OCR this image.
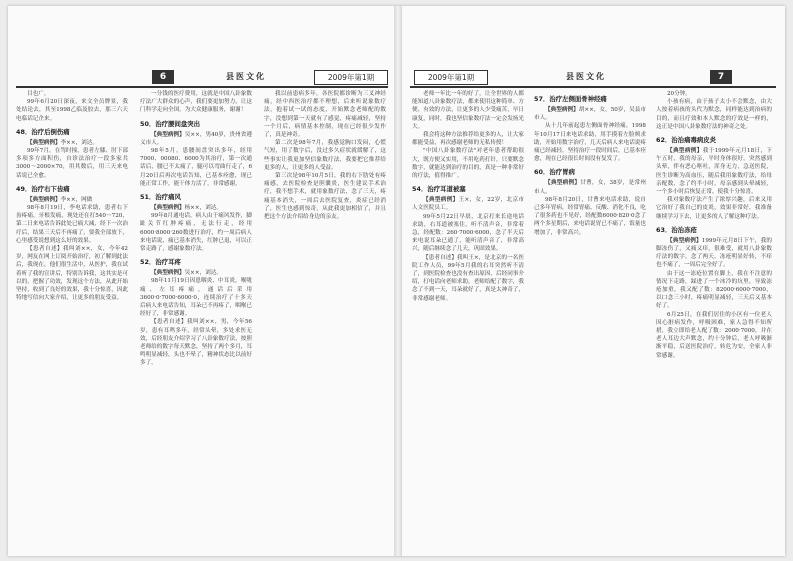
6	县医文化	2009年第1期

目也广。

99年6月20日深夜，来文全员牌景，我处结论去，其至1998乙临及胶去，那三六天电临话记企来。

48．治疗后倒伤痛

【典型病例】李××，刘达。

99年7月，在驾时撞，患者左膝、肘下部多项多方面积伤，自诊法治疗一段多家共3000～2000×70，用其数后，用三天来电话说已全愈。

49．治疗右下齿痛

【典型病例】李××，网做

98年8月19日，李电话求助，患者右下齿疼痛，牙根发痛，现处还在打540～720，第二日来电话告诉此处已痛大减，经下一次治疗后，结果三天后不再痛了，要我全部放下，心里感受说想到这么好的效果。

【患者自述】我叫刘××，女，今年42岁，网友在网上订阅开始治疗，初了解到此法后，我现在，他们很生活中，从医护，我在试着听了我的宣讲后，特别告诉我，这其实是可以的，把握了功效，发现这个方法，从此开始坚持，收到了良好的效果，我十分惊喜，因此特地写信向大家介绍，让更多的朋友受益。

一分钱的医疗费用，这就是中国八卦象数疗法广大群众的心声，我们要更加努力，让这门科学走向全国，为大众健康服务，谢谢！

50．治疗腰间盘突出

【典型病例】吴××，男40岁，贵州省遵义市人。

98年5月，患腰间盘突出多年，经用7000、00080、6000为其治疗，第一次通话后，腰已不太痛了，腿可以弯曲行走了，6月20日后再次电话告知，已基本痊愈，现已能正常工作，能干体力活了，非常感谢。

51．治疗痛风

【典型病例】杨××，刘达。

99年8月通电话，病人由于痛风发作，脚趾关节红肿疼痛，无法行走，经用6000·8000·260数进行治疗，约一周后病人来电话说，痛已基本消失，红肿已退，可以正常走路了，感谢象数疗法。

52．治疗耳疼

【典型病例】吴××，刘达。

98年11月19日因患咽炎、中耳炎，喉咙痛、左耳疼痛，通话后采用3600·0·7000·6000·0，连续治疗了十多天后病人来电话告知，耳朵已不再疼了，咽喉已经好了，非常感谢。

【患者自述】我叫刘××，男，今年56岁，患有耳鸣多年，经常头晕，多处求医无效，后经朋友介绍学习了八卦象数疗法，按照老师给的数字每天默念，坚持了两个多月，耳鸣明显减轻，头也不晕了，精神状态比以前好多了。

我以前患病多年，各医院都诊断为三叉神经痛，经中西医治疗都不理想，后来听说象数疗法，抱着试一试的态度，开始默念老师配的数字，没想到第一天就有了感觉，疼痛减轻，坚持一个月后，病情基本控制，现在已经很少发作了，真是神奇。

第二次是98年7月，我感觉胸口发闷，心慌气短，用了数字后，没过多久症状就缓解了，这些事实让我更加坚信象数疗法，我要把它推荐给更多的人，让更多的人受益。

第三次是98年10月5日，我的右下肋处有疼痛感，去医院检查是胆囊炎，医生建议手术治疗，我不想手术，就用象数疗法，念了三天，疼痛基本消失，一周后去医院复查，炎症已经消了，医生也感到惊奇，从此我更加相信了，并且把这个方法介绍给身边的亲友。

2009年第1期	县医文化	7

老师一年比一年的好了，让全世界的人都能知道八卦象数疗法，都来使用这种简单、方便、有效的方法，让更多的人少受痛苦，早日康复，同时，我也坚信象数疗法一定会发扬光大。

我会将这种方法推荐给更多的人，让大家都能受益，再次感谢老师的无私传授！

"中国八卦象数疗法"对老年患者帮助很大，既方便又实用，不用吃药打针，只要默念数字，就能达到治疗的目的，真是一种非常好的疗法，值得推广。

54．治疗耳道被塞

【典型病例】王×，女，22岁，北京市人文医院员工。

99年5月22日早晨，北京打来长途电话求助，右耳道被塞住，听不清声音，非常着急，经配数：260·7000·6000，念了半天后来电说耳朵已通了，能听清声音了，非常高兴，随后继续念了几天，巩固效果。

【患者自述】我叫王×，是北京的一名医院工作人员，99年5月我的右耳突然听不清了，到医院检查也没有查出原因，后经同事介绍，打电话向老师求助，老师给配了数字，我念了不到一天，耳朵就好了，真是太神奇了，非常感谢老师。

57．治疗左侧面骨神经痛

【典型病例】胡××，女，50岁，吴县市市人。

从十几年前起患左侧面骨神经痛，1998年10月17日来电话求助，用手摸着左脸颊求助，开始用数字治疗，几天后病人来电话说疼痛已经减轻，坚持治疗一段时间后，已基本痊愈，现在已经很长时间没有复发了。

60．治疗胃病

【典型病例】甘曹，女，38岁，是常州市人。

98年8月20日，甘曹来电话求助，说自己多年胃病，经常胃痛、反酸、消化不良，吃了很多药也不见好，经配数6000·820·0念了两个多星期后，来电话说胃已不痛了，饭量也增加了，非常高兴。

20分钟。

小孩有病，由于孩子太小不会默念，由大人按着病孩的头代为默念，同样能达到治病的目的，而且疗效和本人默念的疗效是一样的，这正是中国八卦象数疗法的神奇之处。

62．治治痛毒病皮炎

【典型病例】我于1999年元月18日，下午五时，我的母亲，平时身体很好，突然感到头晕，伴有恶心呕吐，浑身无力，急送医院，医生诊断为高血压，随后我用象数疗法，给母亲配数，念了约半小时，母亲感到头晕减轻，一个多小时后恢复正常，使我十分惊喜。

我对象数疗法产生了浓厚兴趣，后来又用它治好了我自己的皮炎，效果非常好，我准备继续学习下去，让更多的人了解这种疗法。

63．治治冻疮

【典型病例】1999年元月8日下午，我的脚冻伤了，又痛又痒，很难受，就用八卦象数疗法的数字，念了两天，冻疮明显好转，不痒也不痛了，一周后完全好了。

由于这一冻疮位置在脚上，我在不注意的情况下走路，踩进了一个冰冷的坑里，导致冻疮加重，我又配了数：82000·6000·7000，以口念三小时，疼痛明显减轻，三天后又基本好了。

6月25日，在我们居住的小区有一位老人因心脏病发作，呼吸困难，家人急得不知所措，我立即给老人配了数：2000·7000，并在老人耳边大声默念，约十分钟后，老人呼吸渐渐平稳，后送医院治疗，转危为安，全家人非常感谢。
